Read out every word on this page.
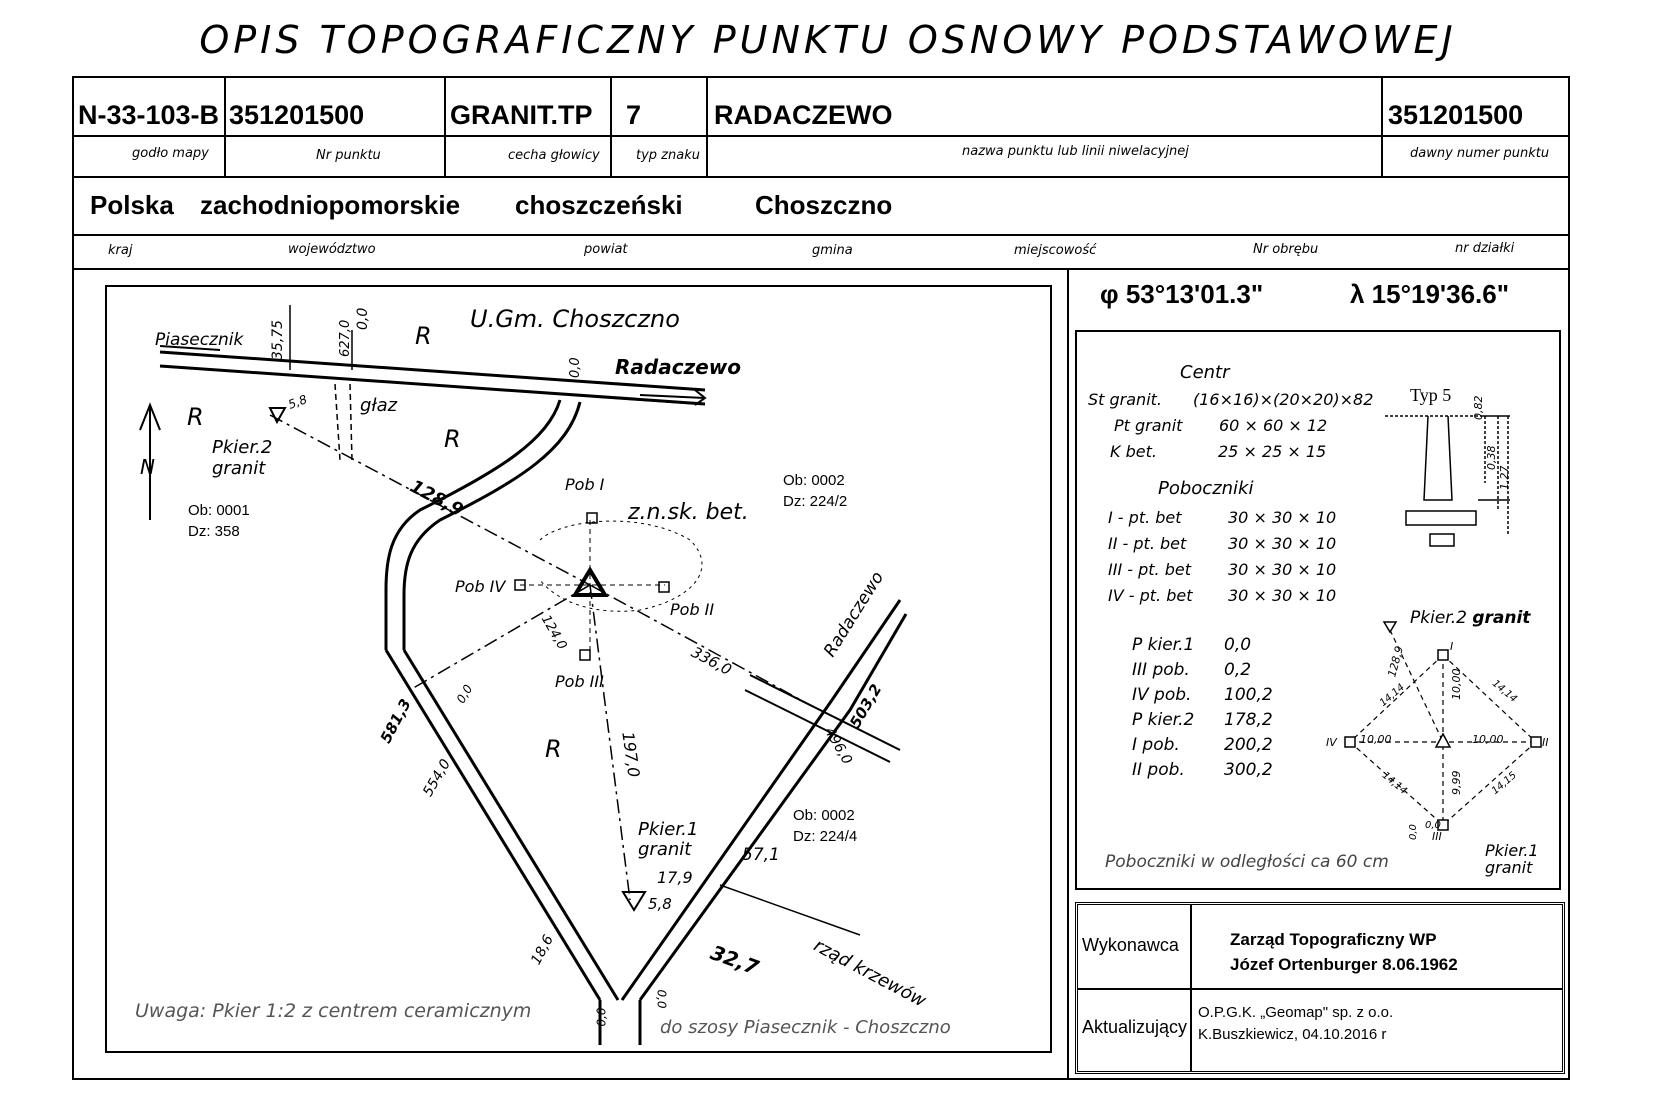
OPIS TOPOGRAFICZNY PUNKTU OSNOWY PODSTAWOWEJ
N-33-103-B 351201500	GRANIT.TP 7	RADACZEWO	351201500
godło mapy	Nr punktu	cecha głowicy	typ znaku	nazwa punktu lub linii niwelacyjnej	dawny numer punktu
Polska zachodniopomorskie choszczeński	Choszczno
kraj	województwo	powiat	gmina	miejscowość	Nr obrębu	nr działki
φ 53°13'01.3"	λ 15°19'36.6"
U.Gm. Choszczno
Piasecznik
Radaczewo
głaz
R
R
R
R
N
Pkier.2
granit
Pkier.1
granit
Ob: 0001
Dz: 358
Ob: 0002
Dz: 224/2
Ob: 0002
Dz: 224/4
Pob I
Pob II
Pob III
Pob IV
z.n.sk. bet.
rząd krzewów
Uwaga: Pkier 1:2 z centrem ceramicznym
do szosy Piasecznik - Choszczno
Radaczewo
35,75
0,0
627,0
0,0
128,9
336,0
581,3
554,0
503,2
496,0
197,0
124,0
17,9
57,1
32,7
18,6
0,0
0,0
0,0
5,8
5,8
Centr
St granit. (16×16)×(20×20)×82
Pt granit 60 × 60 × 12
K bet.	25 × 25 × 15
Poboczniki
I - pt. bet	30 × 30 × 10
II - pt. bet	30 × 30 × 10
III - pt. bet 30 × 30 × 10
IV - pt. bet 30 × 30 × 10
P kier.1 0,0
III pob. 0,2
IV pob. 100,2
P kier.2 178,2
I pob.	200,2
II pob. 300,2
Typ 5
0,82
0,38
1,27
I
II
III
IV 10,00	10,00
10,00
9,99
14,14	14,14
14,14	14,15
128,9
0,0
0,0
Pkier.2 granit
Pkier.1
granit
Poboczniki w odległości ca 60 cm
Wykonawca	Zarząd Topograficzny WP
Józef Ortenburger 8.06.1962
Aktualizujący
O.P.G.K. „Geomap" sp. z o.o.
K.Buszkiewicz, 04.10.2016 r
